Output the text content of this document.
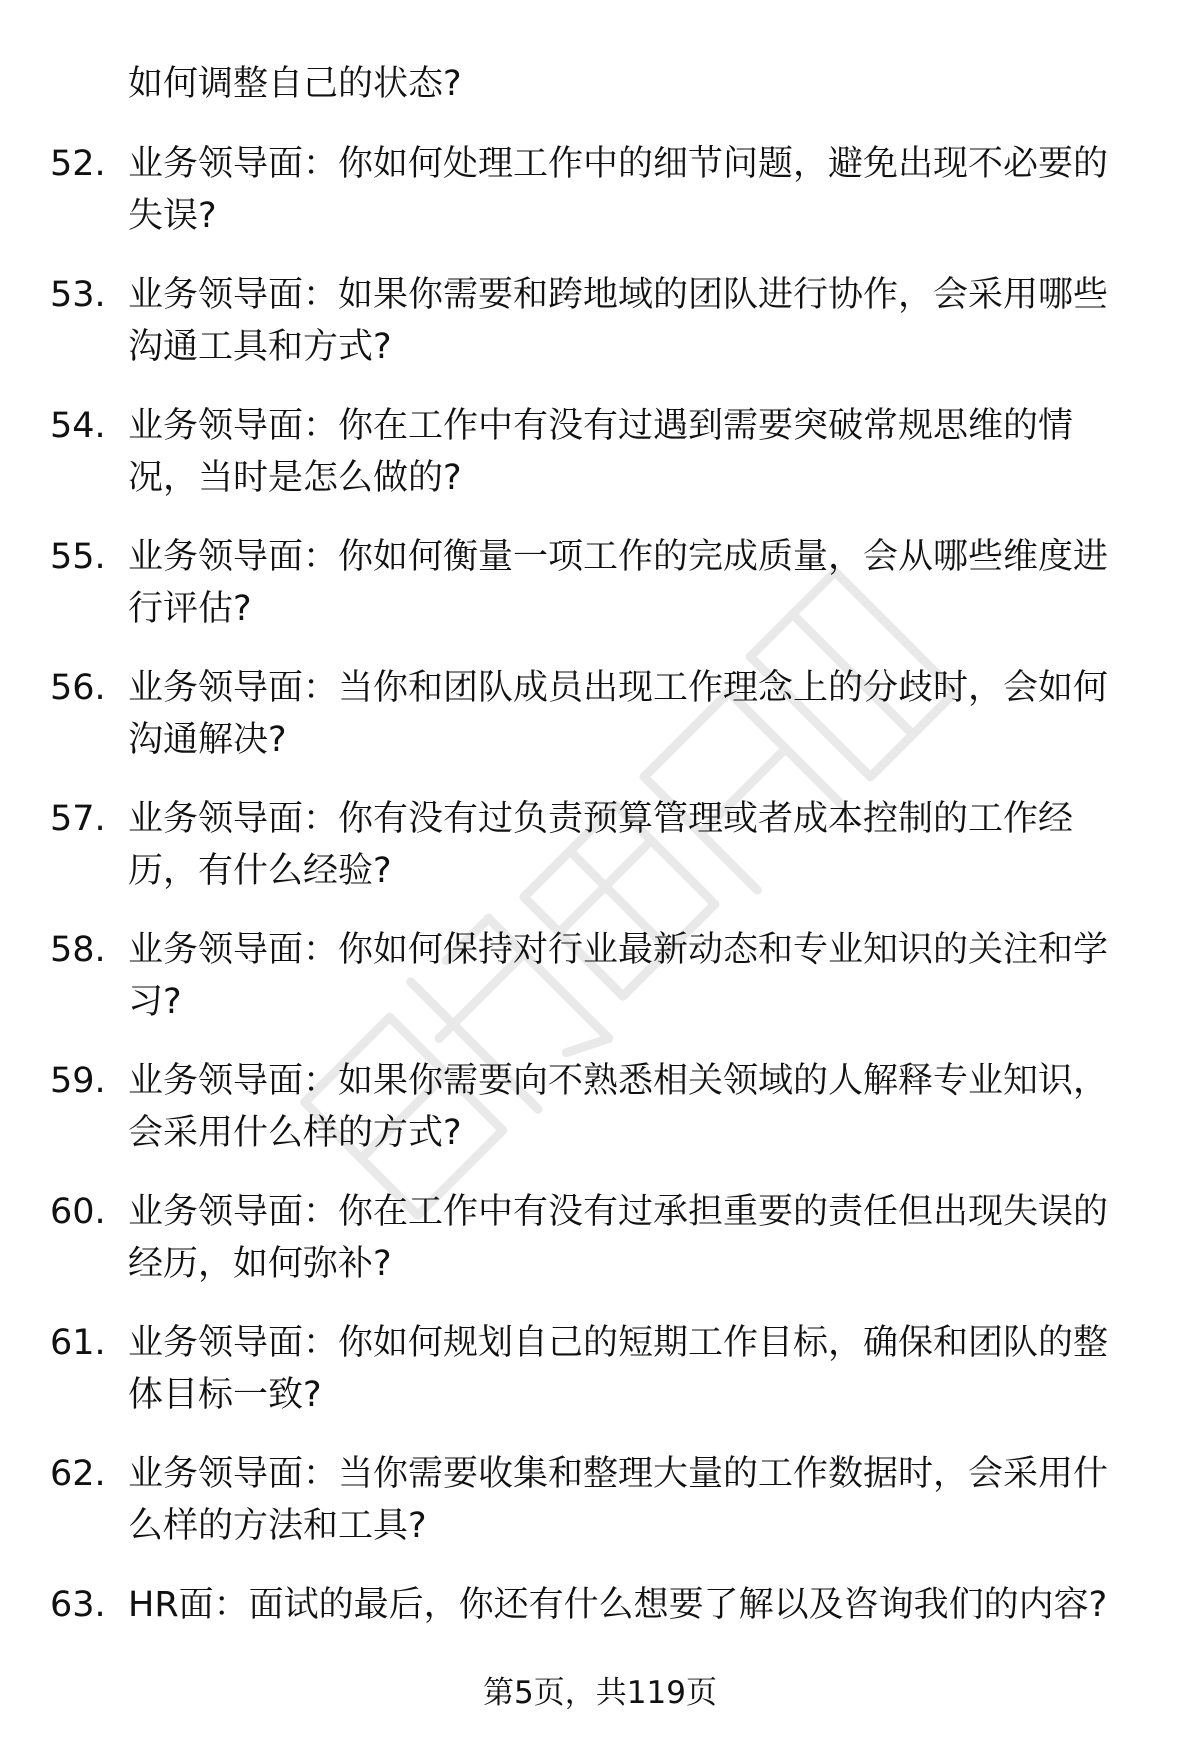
如何调整自己的状态?
52. 业务领导面：你如何处理工作中的细节问题，避免出现不必要的
失误?
53. 业务领导面：如果你需要和跨地域的团队进行协作，会采用哪些
沟通工具和方式?
54. 业务领导面：你在工作中有没有过遇到需要突破常规思维的情
况，当时是怎么做的?
55. 业务领导面：你如何衡量一项工作的完成质量，会从哪些维度进
行评估?
56. 业务领导面：当你和团队成员出现工作理念上的分歧时，会如何
沟通解决?
57. 业务领导面：你有没有过负责预算管理或者成本控制的工作经
历，有什么经验?
58. 业务领导面：你如何保持对行业最新动态和专业知识的关注和学
习?
59. 业务领导面：如果你需要向不熟悉相关领域的人解释专业知识，
会采用什么样的方式?
60. 业务领导面：你在工作中有没有过承担重要的责任但出现失误的
经历，如何弥补?
61. 业务领导面：你如何规划自己的短期工作目标，确保和团队的整
体目标一致?
62. 业务领导面：当你需要收集和整理大量的工作数据时，会采用什
么样的方法和工具?
63. HR面：面试的最后，你还有什么想要了解以及咨询我们的内容?
第5页，共119页
